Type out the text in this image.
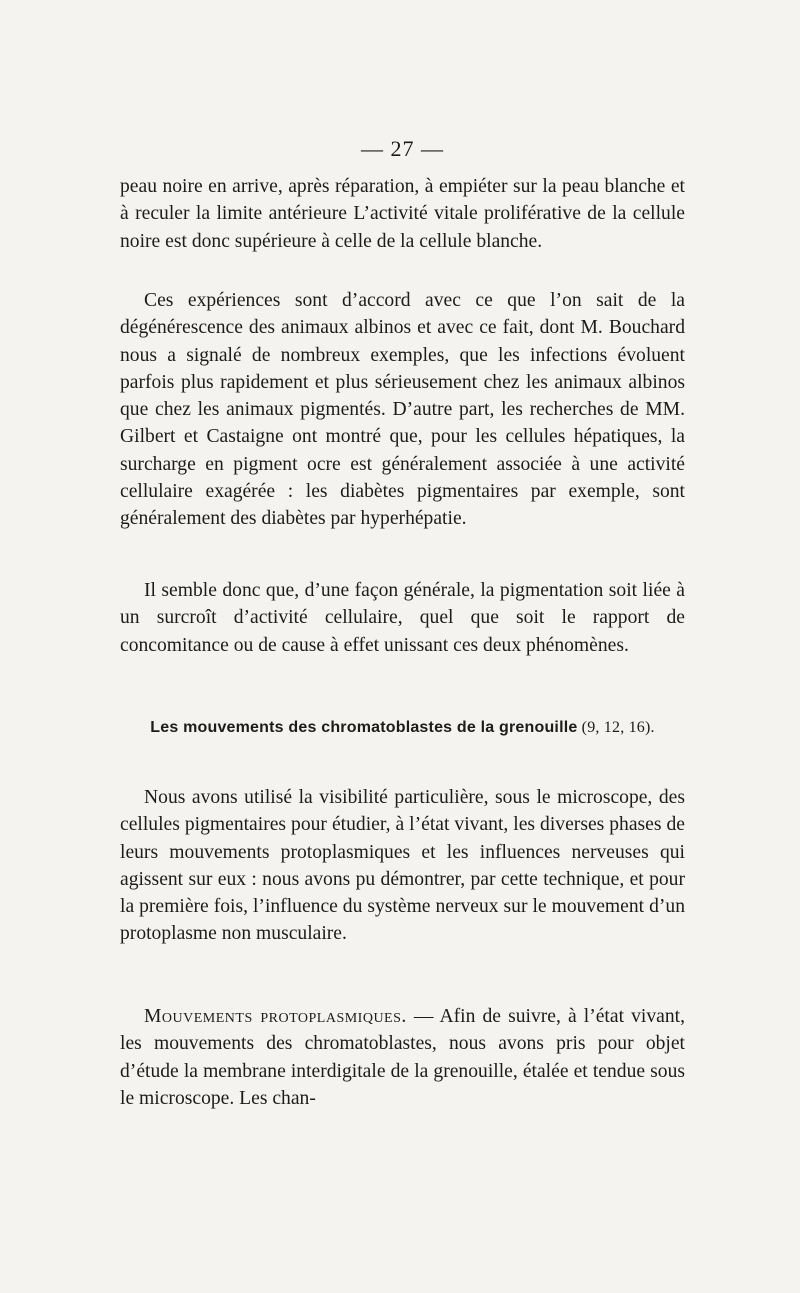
— 27 —
peau noire en arrive, après réparation, à empiéter sur la peau blanche et à reculer la limite antérieure L’activité vitale proliférative de la cellule noire est donc supérieure à celle de la cellule blanche.
Ces expériences sont d’accord avec ce que l’on sait de la dégénérescence des animaux albinos et avec ce fait, dont M. Bouchard nous a signalé de nombreux exemples, que les infections évoluent parfois plus rapidement et plus sérieusement chez les animaux albinos que chez les animaux pigmentés. D’autre part, les recherches de MM. Gilbert et Castaigne ont montré que, pour les cellules hépatiques, la surcharge en pigment ocre est généralement associée à une activité cellulaire exagérée : les diabètes pigmentaires par exemple, sont généralement des diabètes par hyperhépatie.
Il semble donc que, d’une façon générale, la pigmentation soit liée à un surcroît d’activité cellulaire, quel que soit le rapport de concomitance ou de cause à effet unissant ces deux phénomènes.
Les mouvements des chromatoblastes de la grenouille (9, 12, 16).
Nous avons utilisé la visibilité particulière, sous le microscope, des cellules pigmentaires pour étudier, à l’état vivant, les diverses phases de leurs mouvements protoplasmiques et les influences nerveuses qui agissent sur eux : nous avons pu démontrer, par cette technique, et pour la première fois, l’influence du système nerveux sur le mouvement d’un protoplasme non musculaire.
Mouvements protoplasmiques. — Afin de suivre, à l’état vivant, les mouvements des chromatoblastes, nous avons pris pour objet d’étude la membrane interdigitale de la grenouille, étalée et tendue sous le microscope. Les chan-
